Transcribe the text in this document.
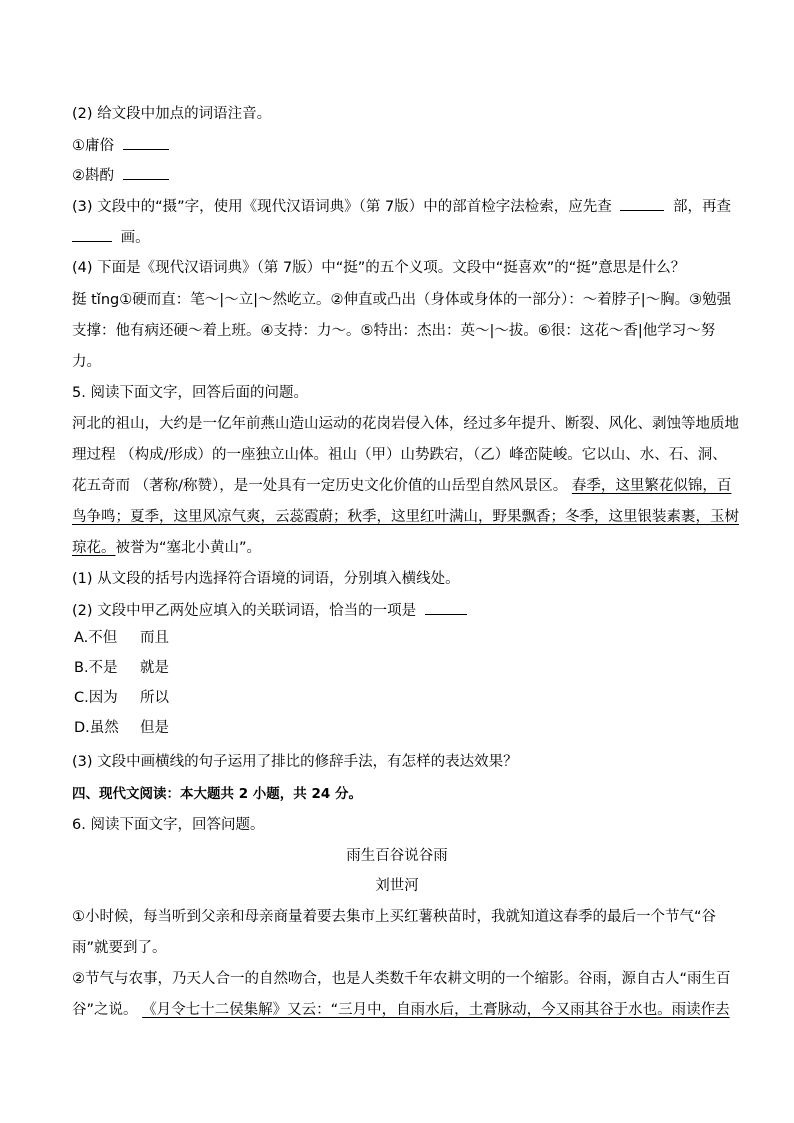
(2) 给文段中加点的词语注音。
①庸俗
②斟酌
(3) 文段中的“摄”字，使用《现代汉语词典》（第 7版）中的部首检字法检索，应先查	部，再查
画。
(4) 下面是《现代汉语词典》（第 7版）中“挺”的五个义项。文段中“挺喜欢”的“挺”意思是什么？
挺 tǐng①硬而直：笔～|～立|～然屹立。②伸直或凸出（身体或身体的一部分）：～着脖子|～胸。③勉强
支撑：他有病还硬～着上班。④支持：力～。⑤特出：杰出：英～|～拔。⑥很：这花～香|他学习～努
力。
5. 阅读下面文字，回答后面的问题。
河北的祖山，大约是一亿年前燕山造山运动的花岗岩侵入体，经过多年提升、断裂、风化、剥蚀等地质地
理过程 （构成/形成）的一座独立山体。祖山（甲）山势跌宕，（乙）峰峦陡峻。它以山、水、石、洞、
花五奇而 （著称/称赞），是一处具有一定历史文化价值的山岳型自然风景区。 春季，这里繁花似锦，百
鸟争鸣；夏季，这里风凉气爽，云蕊霞蔚；秋季，这里红叶满山，野果飘香；冬季，这里银装素裹，玉树
琼花。被誉为“塞北小黄山”。
(1) 从文段的括号内选择符合语境的词语，分别填入横线处。
(2) 文段中甲乙两处应填入的关联词语，恰当的一项是
A.不但 而且
B.不是 就是
C.因为 所以
D.虽然 但是
(3) 文段中画横线的句子运用了排比的修辞手法，有怎样的表达效果？
四、现代文阅读：本大题共 2 小题，共 24 分。
6. 阅读下面文字，回答问题。
雨生百谷说谷雨
刘世河
①小时候，每当听到父亲和母亲商量着要去集市上买红薯秧苗时，我就知道这春季的最后一个节气“谷
雨”就要到了。
②节气与农事，乃天人合一的自然吻合，也是人类数千年农耕文明的一个缩影。谷雨，源自古人“雨生百
谷”之说。 《月令七十二侯集解》又云：“三月中，自雨水后，土膏脉动，今又雨其谷于水也。雨读作去
